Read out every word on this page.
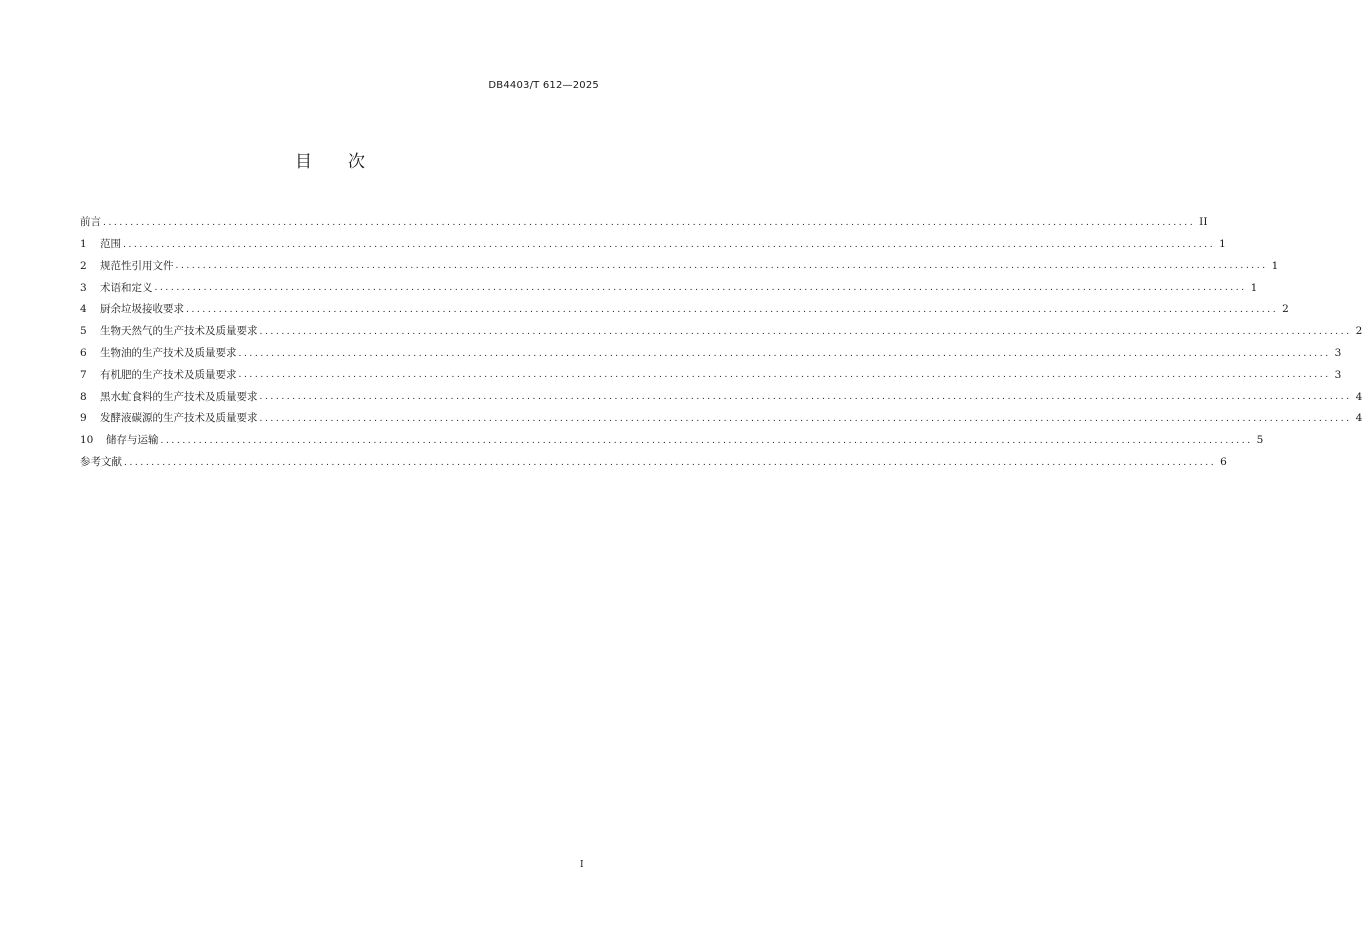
DB4403/T 612—2025
目 次
前言 ........................................................................................................................................................................................................ II
1	范围 ........................................................................................................................................................................................................ 1
2	规范性引用文件 ........................................................................................................................................................................................................ 1
3	术语和定义 ........................................................................................................................................................................................................ 1
4	厨余垃圾接收要求 ........................................................................................................................................................................................................ 2
5	生物天然气的生产技术及质量要求 ........................................................................................................................................................................................................ 2
6	生物油的生产技术及质量要求 ........................................................................................................................................................................................................ 3
7	有机肥的生产技术及质量要求 ........................................................................................................................................................................................................ 3
8	黑水虻食料的生产技术及质量要求 ........................................................................................................................................................................................................ 4
9	发酵液碳源的生产技术及质量要求 ........................................................................................................................................................................................................ 4
10	储存与运输 ........................................................................................................................................................................................................ 5
参考文献 ........................................................................................................................................................................................................ 6
I
